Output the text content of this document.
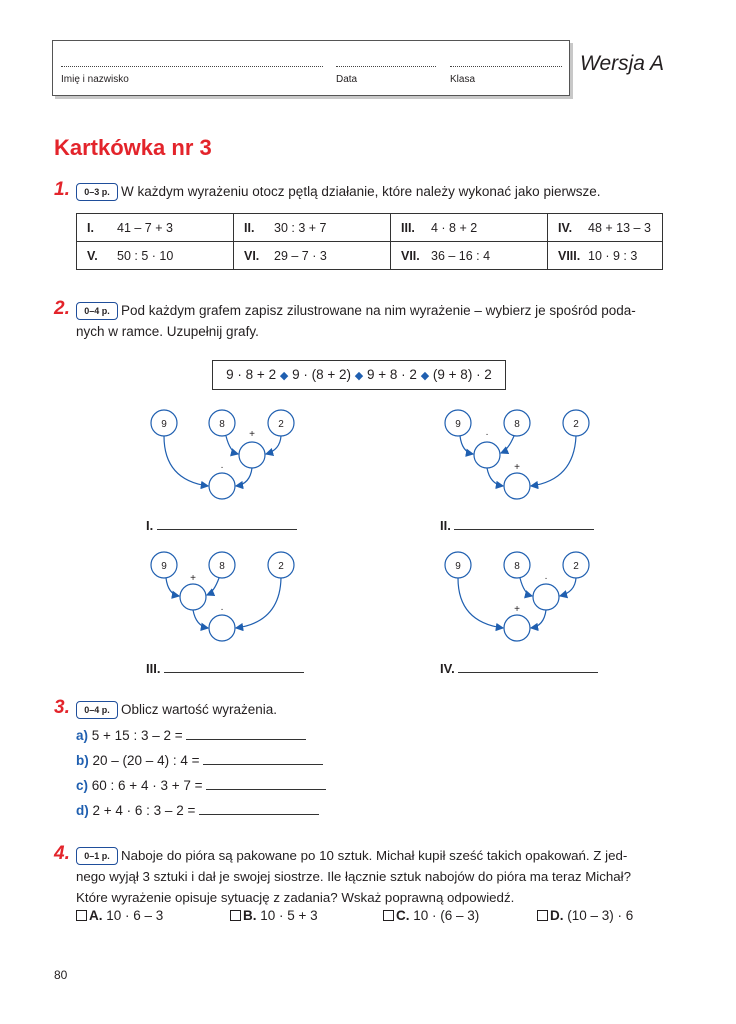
Imię i nazwisko	Data	Klasa
Wersja A
Kartkówka nr 3
1.	0–3 p. W każdym wyrażeniu otocz pętlą działanie, które należy wykonać jako pierwsze.
I. 41 – 7 + 3	II. 30 : 3 + 7	III. 4 · 8 + 2	IV. 48 + 13 – 3
V. 50 : 5 · 10	VI. 29 – 7 · 3	VII. 36 – 16 : 4	VIII. 10 · 9 : 3
2.	0–4 p. Pod każdym grafem zapisz zilustrowane na nim wyrażenie – wybierz je spośród poda-
nych w ramce. Uzupełnij grafy.
9 · 8 + 2 ◆ 9 · (8 + 2) ◆ 9 + 8 · 2 ◆ (9 + 8) · 2
9	8	2	9	8	2
9	8	2	9	8	2
+
·
·
+
+
·
·
+
I.	II.
III.	IV.
3.	0–4 p. Oblicz wartość wyrażenia.
a) 5 + 15 : 3 – 2 =
b) 20 – (20 – 4) : 4 =
c) 60 : 6 + 4 · 3 + 7 =
d) 2 + 4 · 6 : 3 – 2 =
4.	0–1 p. Naboje do pióra są pakowane po 10 sztuk. Michał kupił sześć takich opakowań. Z jed-
nego wyjął 3 sztuki i dał je swojej siostrze. Ile łącznie sztuk nabojów do pióra ma teraz Michał?
Które wyrażenie opisuje sytuację z zadania? Wskaż poprawną odpowiedź.
A. 10 · 6 – 3	B. 10 · 5 + 3	C. 10 · (6 – 3)	D. (10 – 3) · 6
80
